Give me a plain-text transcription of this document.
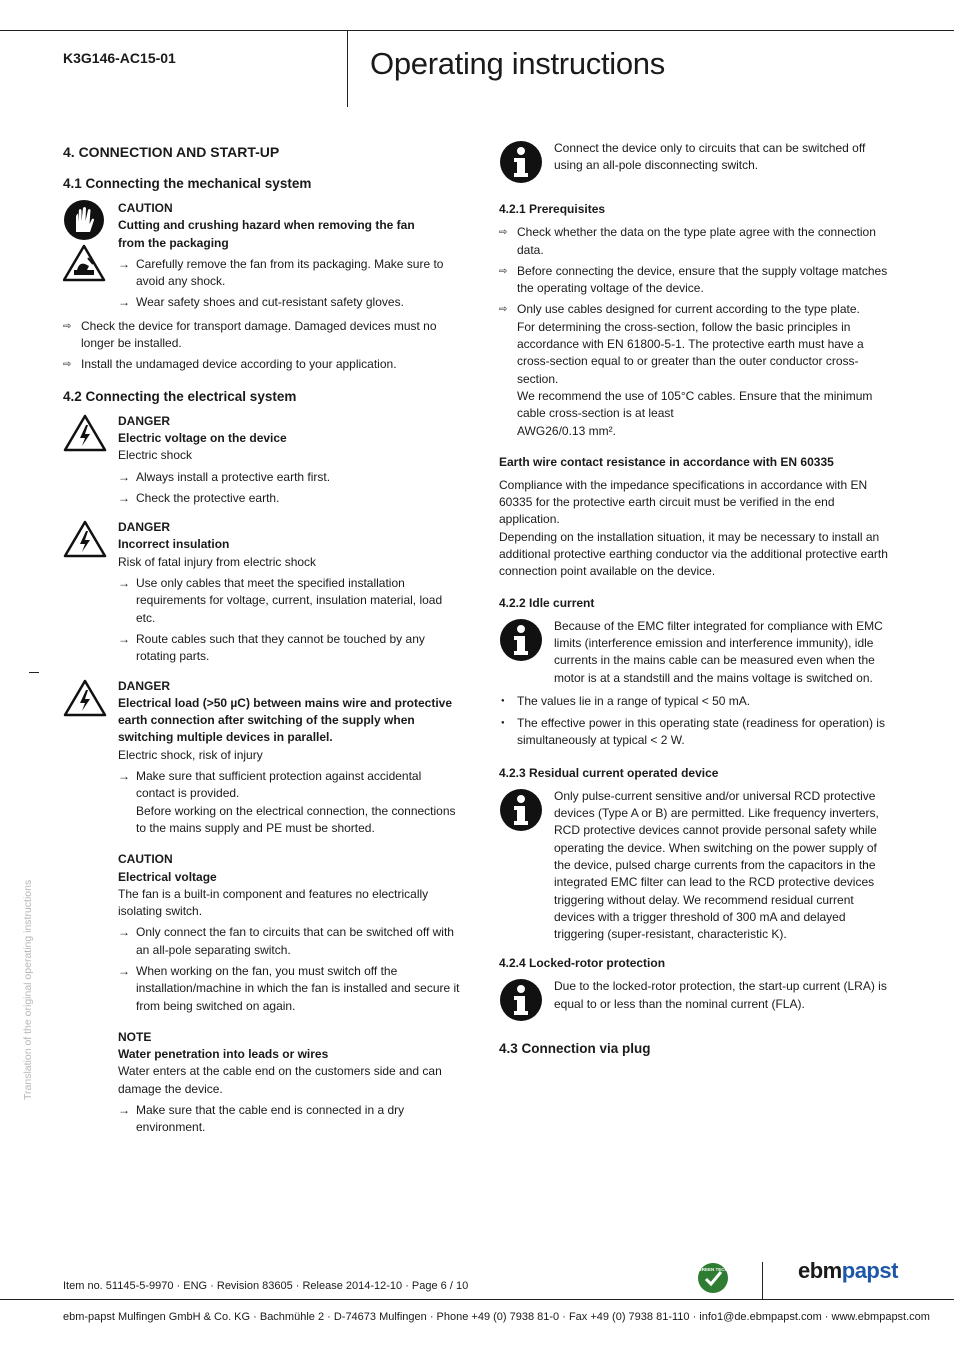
K3G146-AC15-01	Operating instructions
Translation of the original operating instructions
4. CONNECTION AND START-UP
4.1 Connecting the mechanical system
CAUTION
Cutting and crushing hazard when removing the fan from the packaging
→ Carefully remove the fan from its packaging. Make sure to avoid any shock.
→ Wear safety shoes and cut-resistant safety gloves.
⇨ Check the device for transport damage. Damaged devices must no longer be installed.
⇨ Install the undamaged device according to your application.
4.2 Connecting the electrical system
DANGER
Electric voltage on the device
Electric shock
→ Always install a protective earth first.
→ Check the protective earth.
DANGER
Incorrect insulation
Risk of fatal injury from electric shock
→ Use only cables that meet the specified installation requirements for voltage, current, insulation material, load etc.
→ Route cables such that they cannot be touched by any rotating parts.
DANGER
Electrical load (>50 µC) between mains wire and protective earth connection after switching of the supply when switching multiple devices in parallel.
Electric shock, risk of injury
→ Make sure that sufficient protection against accidental contact is provided.
Before working on the electrical connection, the connections to the mains supply and PE must be shorted.
CAUTION
Electrical voltage
The fan is a built-in component and features no electrically isolating switch.
→ Only connect the fan to circuits that can be switched off with an all-pole separating switch.
→ When working on the fan, you must switch off the installation/machine in which the fan is installed and secure it from being switched on again.
NOTE
Water penetration into leads or wires
Water enters at the cable end on the customers side and can damage the device.
→ Make sure that the cable end is connected in a dry environment.
Connect the device only to circuits that can be switched off using an all-pole disconnecting switch.
4.2.1 Prerequisites
⇨ Check whether the data on the type plate agree with the connection data.
⇨ Before connecting the device, ensure that the supply voltage matches the operating voltage of the device.
⇨ Only use cables designed for current according to the type plate.
For determining the cross-section, follow the basic principles in accordance with EN 61800-5-1. The protective earth must have a cross-section equal to or greater than the outer conductor cross-section.
We recommend the use of 105°C cables. Ensure that the minimum cable cross-section is at least
AWG26/0.13 mm².
Earth wire contact resistance in accordance with EN 60335
Compliance with the impedance specifications in accordance with EN 60335 for the protective earth circuit must be verified in the end application.
Depending on the installation situation, it may be necessary to install an additional protective earthing conductor via the additional protective earth connection point available on the device.
4.2.2 Idle current
Because of the EMC filter integrated for compliance with EMC limits (interference emission and interference immunity), idle currents in the mains cable can be measured even when the motor is at a standstill and the mains voltage is switched on.
● The values lie in a range of typical < 50 mA.
● The effective power in this operating state (readiness for operation) is simultaneously at typical < 2 W.
4.2.3 Residual current operated device
Only pulse-current sensitive and/or universal RCD protective devices (Type A or B) are permitted. Like frequency inverters, RCD protective devices cannot provide personal safety while operating the device. When switching on the power supply of the device, pulsed charge currents from the capacitors in the integrated EMC filter can lead to the RCD protective devices triggering without delay. We recommend residual current devices with a trigger threshold of 300 mA and delayed triggering (super-resistant, characteristic K).
4.2.4 Locked-rotor protection
Due to the locked-rotor protection, the start-up current (LRA) is equal to or less than the nominal current (FLA).
4.3 Connection via plug
Item no. 51145-5-9970 · ENG · Revision 83605 · Release 2014-12-10 · Page 6 / 10
GREEN TECH	ebmpapst
ebm-papst Mulfingen GmbH & Co. KG · Bachmühle 2 · D-74673 Mulfingen · Phone +49 (0) 7938 81-0 · Fax +49 (0) 7938 81-110 · info1@de.ebmpapst.com · www.ebmpapst.com
